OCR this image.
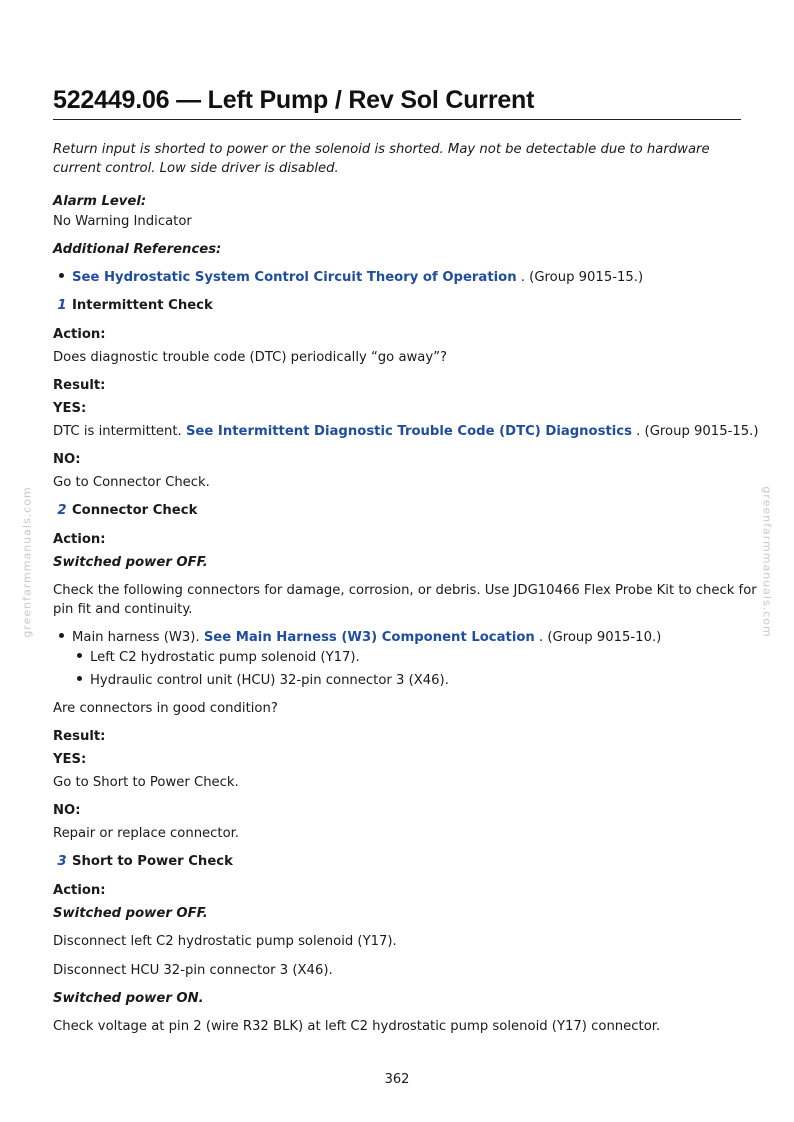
greenfarmmanuals.com	greenfarmmanuals.com
522449.06 — Left Pump / Rev Sol Current
Return input is shorted to power or the solenoid is shorted. May not be detectable due to hardware
current control. Low side driver is disabled.
Alarm Level:
No Warning Indicator
Additional References:
See Hydrostatic System Control Circuit Theory of Operation . (Group 9015-15.)
1 Intermittent Check
Action:
Does diagnostic trouble code (DTC) periodically “go away”?
Result:
YES:
DTC is intermittent. See Intermittent Diagnostic Trouble Code (DTC) Diagnostics . (Group 9015-15.)
NO:
Go to Connector Check.
2 Connector Check
Action:
Switched power OFF.
Check the following connectors for damage, corrosion, or debris. Use JDG10466 Flex Probe Kit to check for
pin fit and continuity.
Main harness (W3). See Main Harness (W3) Component Location . (Group 9015-10.)
Left C2 hydrostatic pump solenoid (Y17).
Hydraulic control unit (HCU) 32-pin connector 3 (X46).
Are connectors in good condition?
Result:
YES:
Go to Short to Power Check.
NO:
Repair or replace connector.
3 Short to Power Check
Action:
Switched power OFF.
Disconnect left C2 hydrostatic pump solenoid (Y17).
Disconnect HCU 32-pin connector 3 (X46).
Switched power ON.
Check voltage at pin 2 (wire R32 BLK) at left C2 hydrostatic pump solenoid (Y17) connector.
362
